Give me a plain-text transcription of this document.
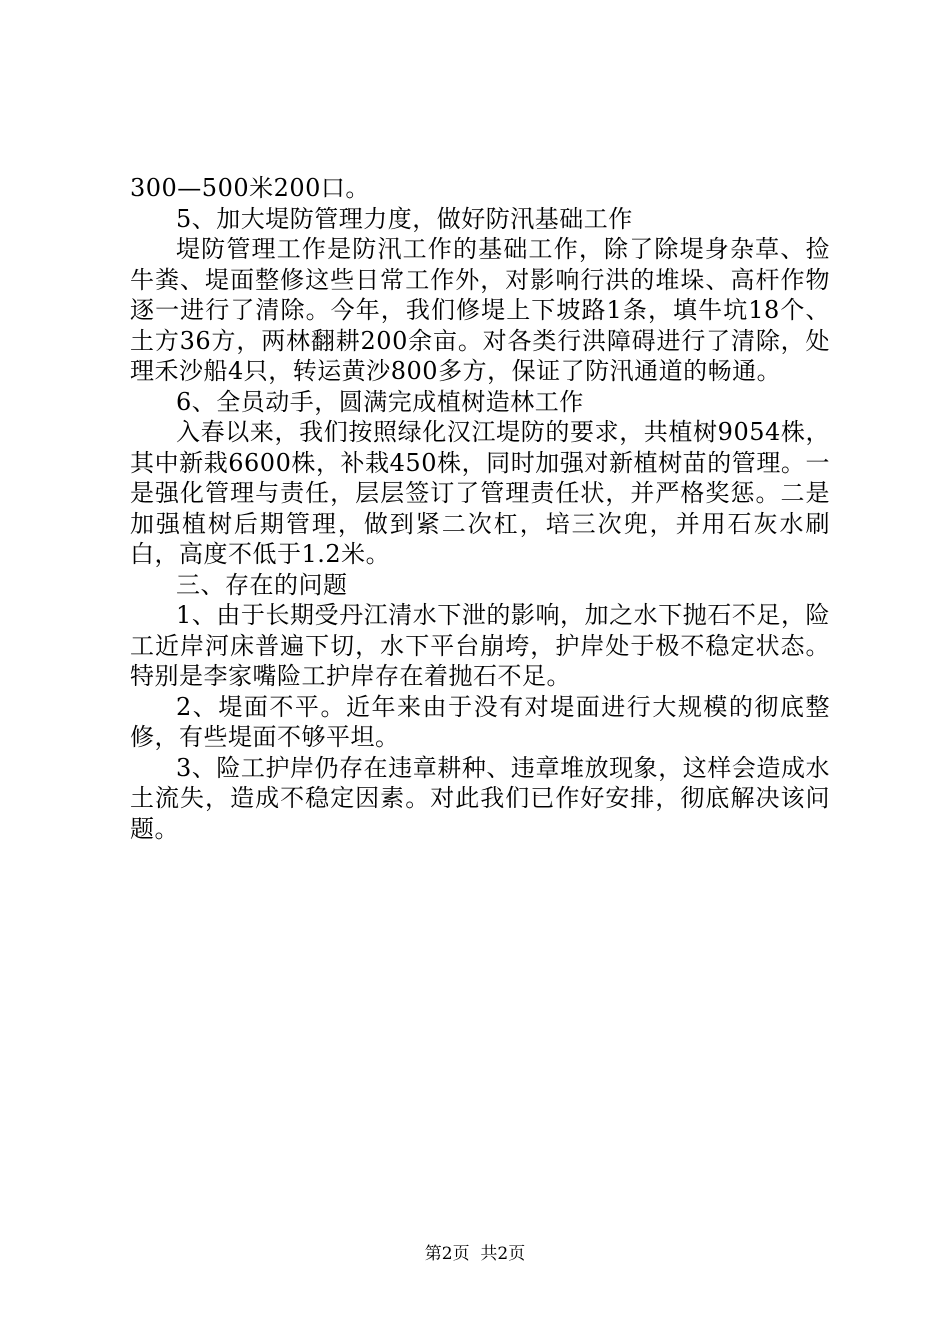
300—500米200口。

5、加大堤防管理力度，做好防汛基础工作

堤防管理工作是防汛工作的基础工作，除了除堤身杂草、捡牛粪、堤面整修这些日常工作外，对影响行洪的堆垛、高杆作物逐一进行了清除。今年，我们修堤上下坡路1条，填牛坑18个、土方36方，两林翻耕200余亩。对各类行洪障碍进行了清除，处理禾沙船4只，转运黄沙800多方，保证了防汛通道的畅通。

6、全员动手，圆满完成植树造林工作

入春以来，我们按照绿化汉江堤防的要求，共植树9054株，其中新栽6600株，补栽450株，同时加强对新植树苗的管理。一是强化管理与责任，层层签订了管理责任状，并严格奖惩。二是加强植树后期管理，做到紧二次杠，培三次兜，并用石灰水刷白，高度不低于1.2米。

三、存在的问题

1、由于长期受丹江清水下泄的影响，加之水下抛石不足，险工近岸河床普遍下切，水下平台崩垮，护岸处于极不稳定状态。特别是李家嘴险工护岸存在着抛石不足。

2、堤面不平。近年来由于没有对堤面进行大规模的彻底整修，有些堤面不够平坦。

3、险工护岸仍存在违章耕种、违章堆放现象，这样会造成水土流失，造成不稳定因素。对此我们已作好安排，彻底解决该问题。

第2页 共2页
